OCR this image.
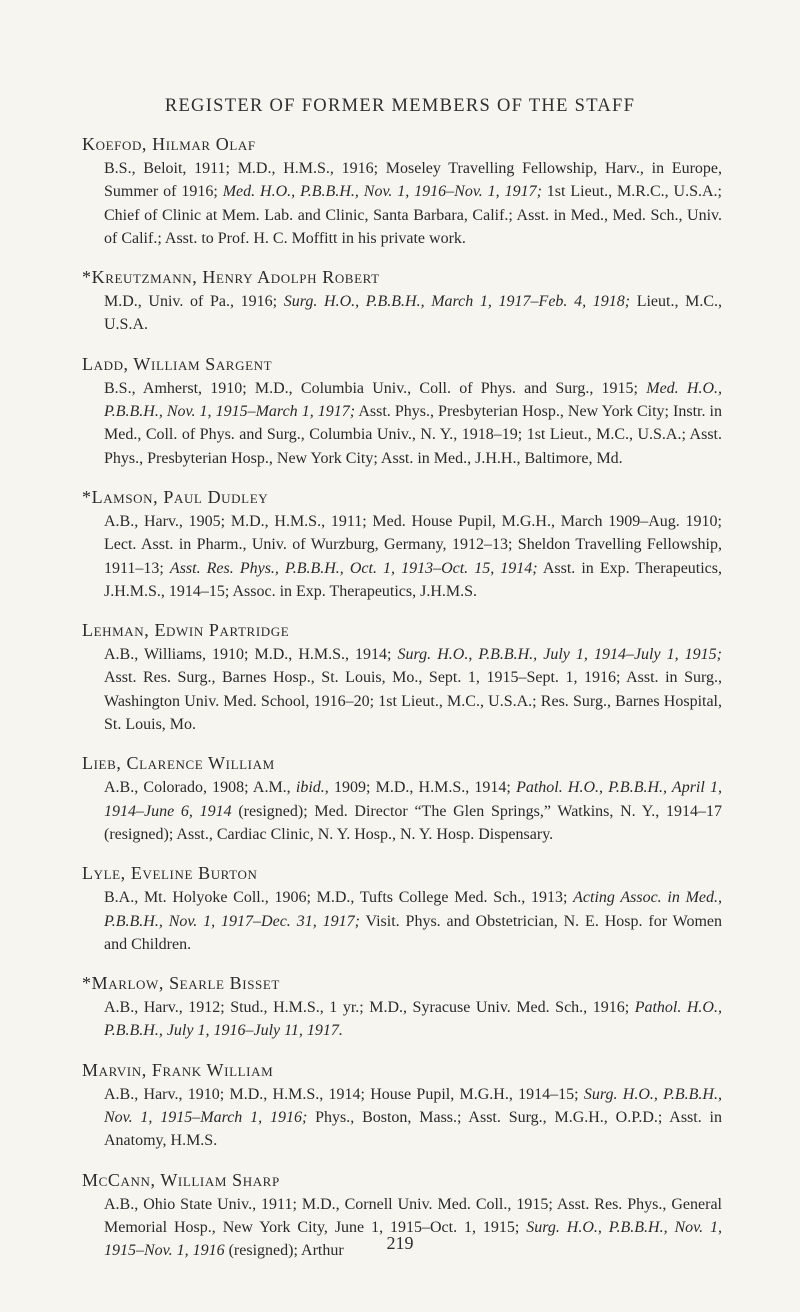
REGISTER OF FORMER MEMBERS OF THE STAFF
Koefod, Hilmar Olaf
B.S., Beloit, 1911; M.D., H.M.S., 1916; Moseley Travelling Fellowship, Harv., in Europe, Summer of 1916; Med. H.O., P.B.B.H., Nov. 1, 1916–Nov. 1, 1917; 1st Lieut., M.R.C., U.S.A.; Chief of Clinic at Mem. Lab. and Clinic, Santa Barbara, Calif.; Asst. in Med., Med. Sch., Univ. of Calif.; Asst. to Prof. H. C. Moffitt in his private work.
*Kreutzmann, Henry Adolph Robert
M.D., Univ. of Pa., 1916; Surg. H.O., P.B.B.H., March 1, 1917–Feb. 4, 1918; Lieut., M.C., U.S.A.
Ladd, William Sargent
B.S., Amherst, 1910; M.D., Columbia Univ., Coll. of Phys. and Surg., 1915; Med. H.O., P.B.B.H., Nov. 1, 1915–March 1, 1917; Asst. Phys., Presbyterian Hosp., New York City; Instr. in Med., Coll. of Phys. and Surg., Columbia Univ., N. Y., 1918–19; 1st Lieut., M.C., U.S.A.; Asst. Phys., Presbyterian Hosp., New York City; Asst. in Med., J.H.H., Baltimore, Md.
*Lamson, Paul Dudley
A.B., Harv., 1905; M.D., H.M.S., 1911; Med. House Pupil, M.G.H., March 1909–Aug. 1910; Lect. Asst. in Pharm., Univ. of Wurzburg, Germany, 1912–13; Sheldon Travelling Fellowship, 1911–13; Asst. Res. Phys., P.B.B.H., Oct. 1, 1913–Oct. 15, 1914; Asst. in Exp. Therapeutics, J.H.M.S., 1914–15; Assoc. in Exp. Therapeutics, J.H.M.S.
Lehman, Edwin Partridge
A.B., Williams, 1910; M.D., H.M.S., 1914; Surg. H.O., P.B.B.H., July 1, 1914–July 1, 1915; Asst. Res. Surg., Barnes Hosp., St. Louis, Mo., Sept. 1, 1915–Sept. 1, 1916; Asst. in Surg., Washington Univ. Med. School, 1916–20; 1st Lieut., M.C., U.S.A.; Res. Surg., Barnes Hospital, St. Louis, Mo.
Lieb, Clarence William
A.B., Colorado, 1908; A.M., ibid., 1909; M.D., H.M.S., 1914; Pathol. H.O., P.B.B.H., April 1, 1914–June 6, 1914 (resigned); Med. Director “The Glen Springs,” Watkins, N. Y., 1914–17 (resigned); Asst., Cardiac Clinic, N. Y. Hosp., N. Y. Hosp. Dispensary.
Lyle, Eveline Burton
B.A., Mt. Holyoke Coll., 1906; M.D., Tufts College Med. Sch., 1913; Acting Assoc. in Med., P.B.B.H., Nov. 1, 1917–Dec. 31, 1917; Visit. Phys. and Obstetrician, N. E. Hosp. for Women and Children.
*Marlow, Searle Bisset
A.B., Harv., 1912; Stud., H.M.S., 1 yr.; M.D., Syracuse Univ. Med. Sch., 1916; Pathol. H.O., P.B.B.H., July 1, 1916–July 11, 1917.
Marvin, Frank William
A.B., Harv., 1910; M.D., H.M.S., 1914; House Pupil, M.G.H., 1914–15; Surg. H.O., P.B.B.H., Nov. 1, 1915–March 1, 1916; Phys., Boston, Mass.; Asst. Surg., M.G.H., O.P.D.; Asst. in Anatomy, H.M.S.
McCann, William Sharp
A.B., Ohio State Univ., 1911; M.D., Cornell Univ. Med. Coll., 1915; Asst. Res. Phys., General Memorial Hosp., New York City, June 1, 1915–Oct. 1, 1915; Surg. H.O., P.B.B.H., Nov. 1, 1915–Nov. 1, 1916 (resigned); Arthur	219
